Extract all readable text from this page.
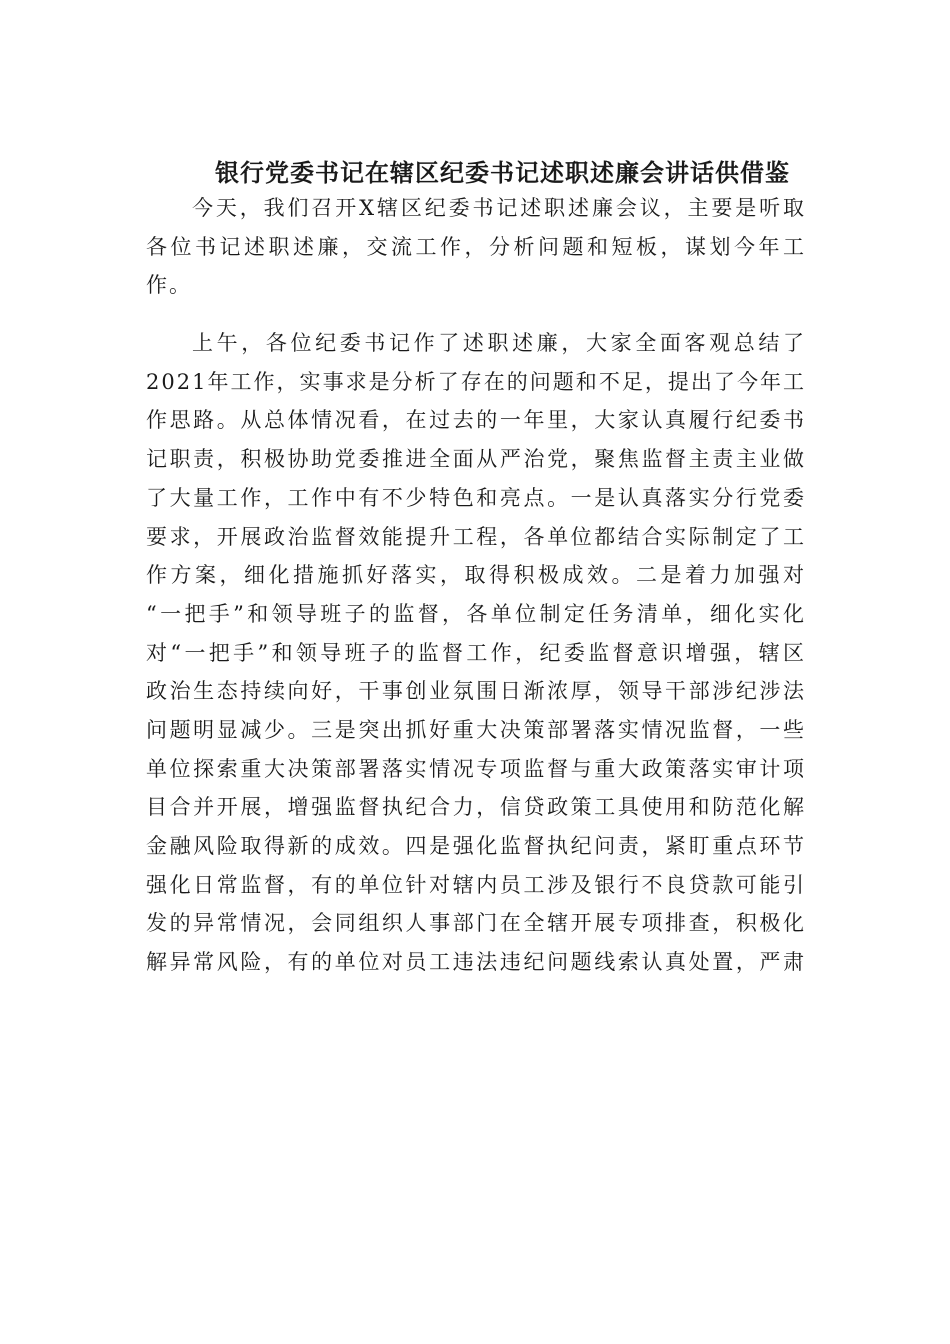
银行党委书记在辖区纪委书记述职述廉会讲话供借鉴

今天，我们召开X辖区纪委书记述职述廉会议，主要是听取
各位书记述职述廉，交流工作，分析问题和短板，谋划今年工
作。

上午，各位纪委书记作了述职述廉，大家全面客观总结了
2021年工作，实事求是分析了存在的问题和不足，提出了今年工
作思路。从总体情况看，在过去的一年里，大家认真履行纪委书
记职责，积极协助党委推进全面从严治党，聚焦监督主责主业做
了大量工作，工作中有不少特色和亮点。一是认真落实分行党委
要求，开展政治监督效能提升工程，各单位都结合实际制定了工
作方案，细化措施抓好落实，取得积极成效。二是着力加强对
“一把手”和领导班子的监督，各单位制定任务清单，细化实化
对“一把手”和领导班子的监督工作，纪委监督意识增强，辖区
政治生态持续向好，干事创业氛围日渐浓厚，领导干部涉纪涉法
问题明显减少。三是突出抓好重大决策部署落实情况监督，一些
单位探索重大决策部署落实情况专项监督与重大政策落实审计项
目合并开展，增强监督执纪合力，信贷政策工具使用和防范化解
金融风险取得新的成效。四是强化监督执纪问责，紧盯重点环节
强化日常监督，有的单位针对辖内员工涉及银行不良贷款可能引
发的异常情况，会同组织人事部门在全辖开展专项排查，积极化
解异常风险，有的单位对员工违法违纪问题线索认真处置，严肃
